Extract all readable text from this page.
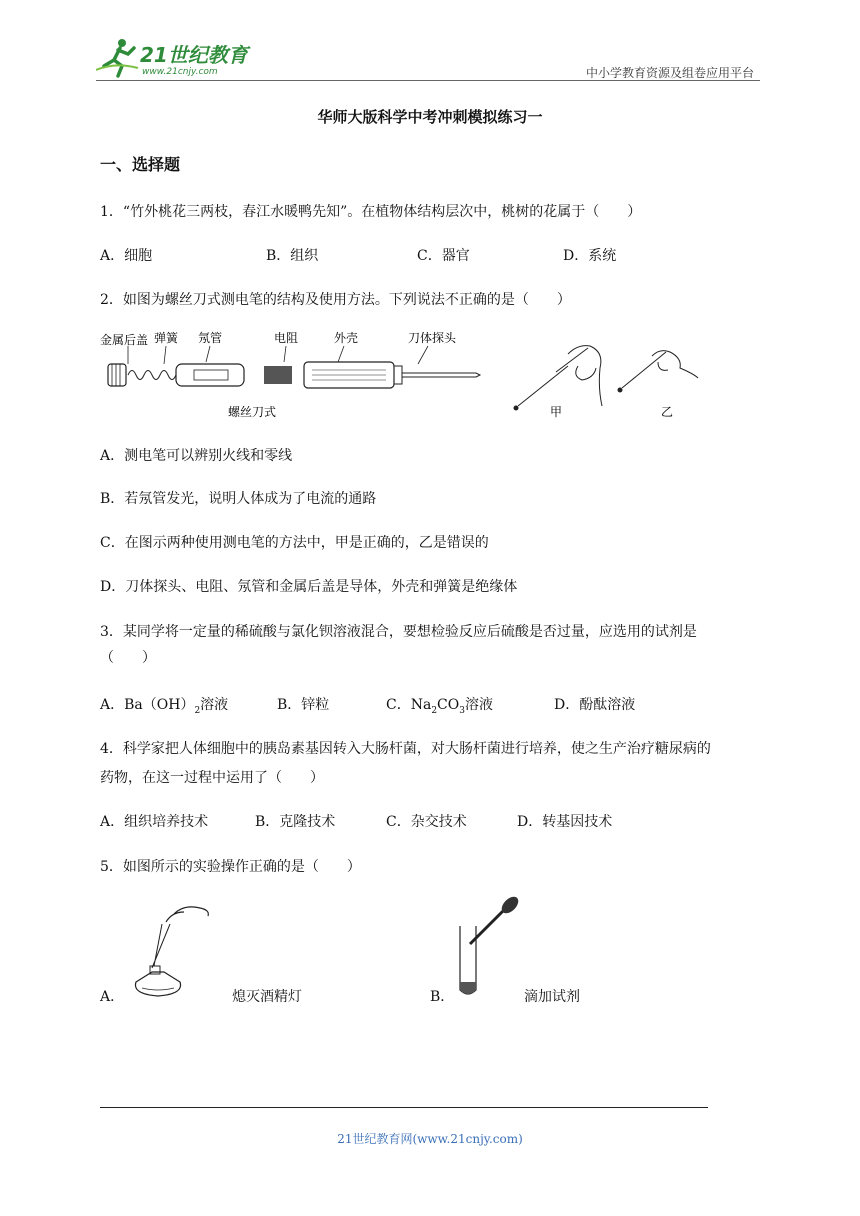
21世纪教育
www.21cnjy.com	中小学教育资源及组卷应用平台
华师大版科学中考冲刺模拟练习一
一、选择题
1．“竹外桃花三两枝，春江水暖鸭先知”。在植物体结构层次中，桃树的花属于（　　）
A．细胞	B．组织	C．器官	D．系统
2．如图为螺丝刀式测电笔的结构及使用方法。下列说法不正确的是（　　）
金属后盖 弹簧 氖管	电阻	外壳	刀体探头
螺丝刀式	甲	乙
A．测电笔可以辨别火线和零线
B．若氖管发光，说明人体成为了电流的通路
C．在图示两种使用测电笔的方法中，甲是正确的，乙是错误的
D．刀体探头、电阻、氖管和金属后盖是导体，外壳和弹簧是绝缘体
3．某同学将一定量的稀硫酸与氯化钡溶液混合，要想检验反应后硫酸是否过量，应选用的试剂是
（　　）
A．$Ba(OH)_2$溶液	B．锌粒	C．$Na_2CO_3$溶液	D．酚酞溶液
4．科学家把人体细胞中的胰岛素基因转入大肠杆菌，对大肠杆菌进行培养，使之生产治疗糖尿病的
药物，在这一过程中运用了（　　）
A．组织培养技术	B．克隆技术	C．杂交技术	D．转基因技术
5．如图所示的实验操作正确的是（　　）
A．	熄灭酒精灯	B．	滴加试剂
21世纪教育网(www.21cnjy.com)
